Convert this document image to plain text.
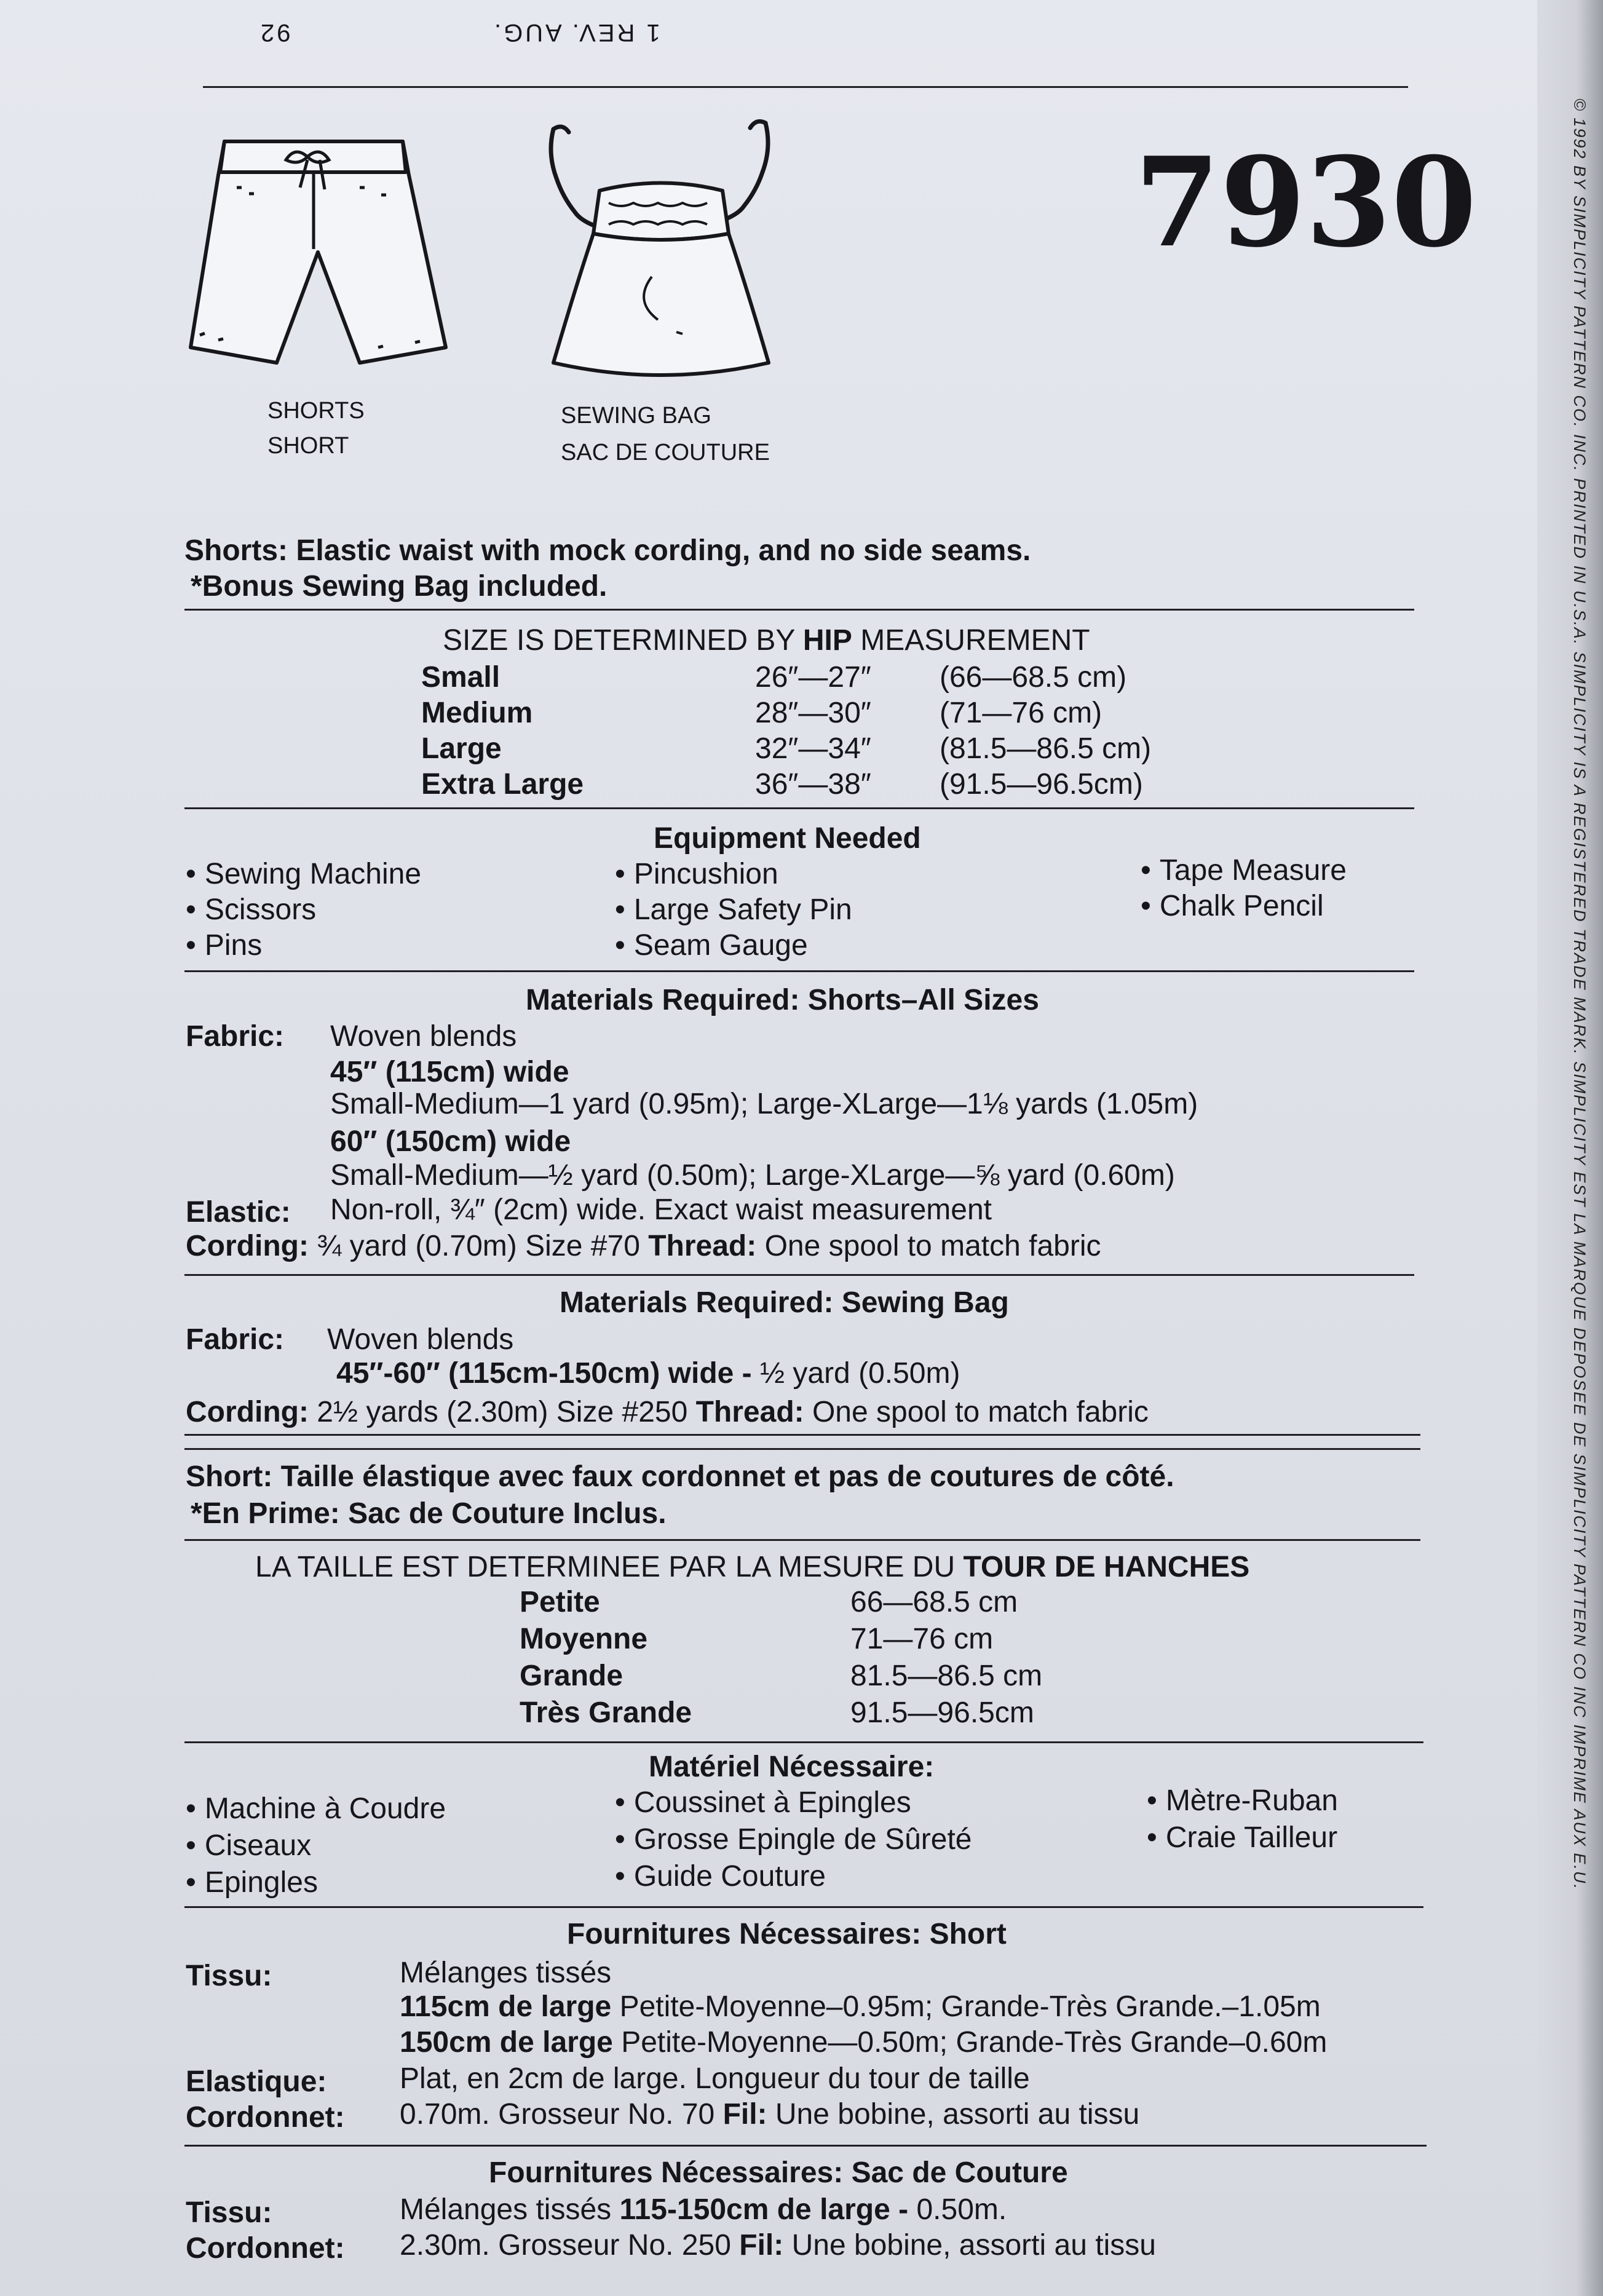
© 1992 BY SIMPLICITY PATTERN CO. INC. PRINTED IN U.S.A. SIMPLICITY IS A REGISTERED TRADE MARK. SIMPLICITY EST LA MARQUE DEPOSEE DE SIMPLICITY PATTERN CO INC IMPRIME AUX E.U.
92	1 REV. AUG.
7930
SHORTS
SHORT
SEWING BAG
SAC DE COUTURE
Shorts: Elastic waist with mock cording, and no side seams.
*Bonus Sewing Bag included.
SIZE IS DETERMINED BY HIP MEASUREMENT
Small	26″—27″ (66—68.5 cm)
Medium	28″—30″ (71—76 cm)
Large	32″—34″ (81.5—86.5 cm)
Extra Large	36″—38″ (91.5—96.5cm)
Equipment Needed
• Sewing Machine
• Scissors
• Pins
• Pincushion
• Large Safety Pin
• Seam Gauge
• Tape Measure
• Chalk Pencil
Materials Required: Shorts–All Sizes
Fabric: Woven blends
45″ (115cm) wide
Small-Medium—1 yard (0.95m); Large-XLarge—1⅛ yards (1.05m)
60″ (150cm) wide
Small-Medium—½ yard (0.50m); Large-XLarge—⅝ yard (0.60m)
Elastic: Non-roll, ¾″ (2cm) wide. Exact waist measurement
Cording: ¾ yard (0.70m) Size #70 Thread: One spool to match fabric
Materials Required: Sewing Bag
Fabric: Woven blends
45″-60″ (115cm-150cm) wide - ½ yard (0.50m)
Cording: 2½ yards (2.30m) Size #250 Thread: One spool to match fabric
Short: Taille élastique avec faux cordonnet et pas de coutures de côté.
*En Prime: Sac de Couture Inclus.
LA TAILLE EST DETERMINEE PAR LA MESURE DU TOUR DE HANCHES
Petite	66—68.5 cm
Moyenne	71—76 cm
Grande	81.5—86.5 cm
Très Grande	91.5—96.5cm
Matériel Nécessaire:
• Machine à Coudre
• Ciseaux
• Epingles
• Coussinet à Epingles
• Grosse Epingle de Sûreté
• Guide Couture
• Mètre-Ruban
• Craie Tailleur
Fournitures Nécessaires: Short
Tissu:	Mélanges tissés
115cm de large Petite-Moyenne–0.95m; Grande-Très Grande.–1.05m
150cm de large Petite-Moyenne—0.50m; Grande-Très Grande–0.60m
Elastique: Plat, en 2cm de large. Longueur du tour de taille
Cordonnet: 0.70m. Grosseur No. 70 Fil: Une bobine, assorti au tissu
Fournitures Nécessaires: Sac de Couture
Tissu:	Mélanges tissés 115-150cm de large - 0.50m.
Cordonnet: 2.30m. Grosseur No. 250 Fil: Une bobine, assorti au tissu
